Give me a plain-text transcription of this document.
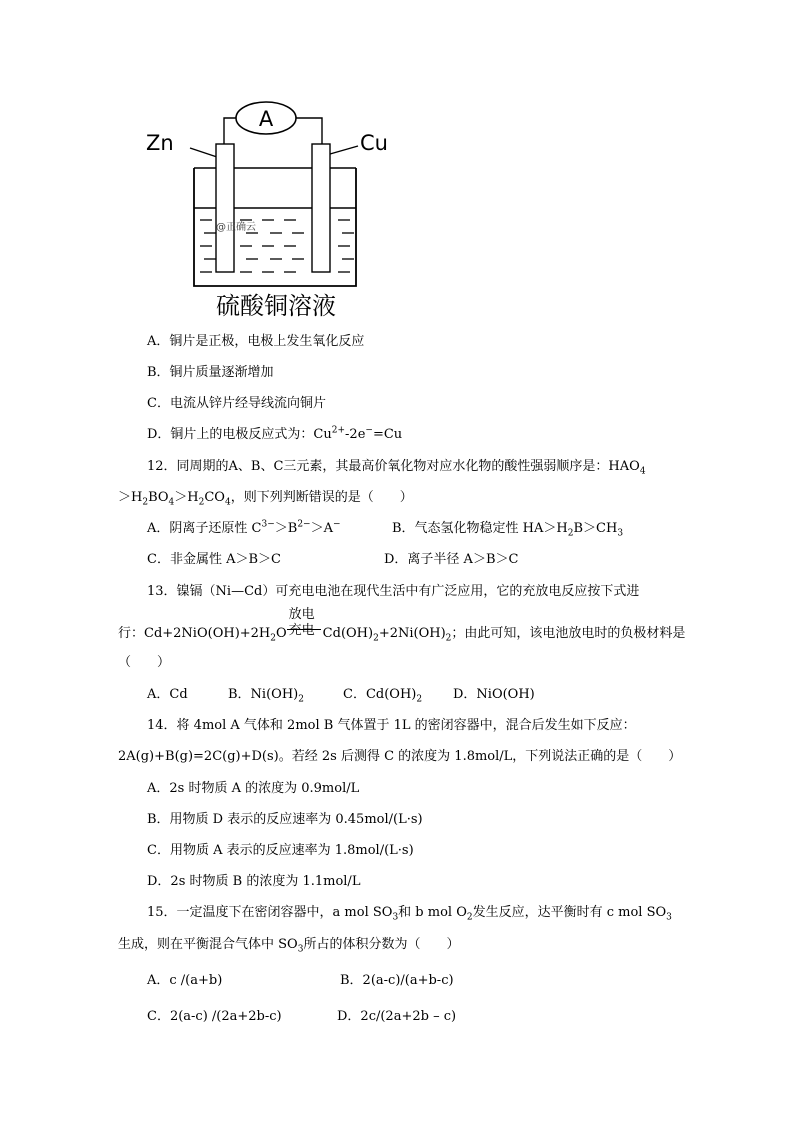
A
Zn	Cu
@正确云
硫酸铜溶液
A．铜片是正极，电极上发生氧化反应
B．铜片质量逐渐增加
C．电流从锌片经导线流向铜片
D．铜片上的电极反应式为：$Cu^{2+}-2e^-=Cu$
12．同周期的A、B、C三元素，其最高价氧化物对应水化物的酸性强弱顺序是：$HAO_4$
$>H_2BO_4>H_2CO_4$，则下列判断错误的是（　　）
A．阴离子还原性 $C^{3-}>B^{2-}>A^-$	B．气态氢化物稳定性 $HA>H_2B>CH_3$
C．非金属性 A＞B＞C	D．离子半径 A＞B＞C
13．镍镉（Ni—Cd）可充电电池在现代生活中有广泛应用，它的充放电反应按下式进
行：$Cd+2NiO(OH)+2H_2O \frac{\text{放电}}{\text{充电}} Cd(OH)_2+2Ni(OH)_2$；由此可知，该电池放电时的负极材料是
（　　）
A．Cd	B．$Ni(OH)_2$	C．$Cd(OH)_2$ D．NiO(OH)
14．将 4mol A 气体和 2mol B 气体置于 1L 的密闭容器中，混合后发生如下反应：
2A(g)+B(g)=2C(g)+D(s)。若经 2s 后测得 C 的浓度为 1.8mol/L，下列说法正确的是（　　）
A．2s 时物质 A 的浓度为 0.9mol/L
B．用物质 D 表示的反应速率为 0.45mol/(L·s)
C．用物质 A 表示的反应速率为 1.8mol/(L·s)
D．2s 时物质 B 的浓度为 1.1mol/L
15．一定温度下在密闭容器中，a mol $SO_3$和 b mol $O_2$发生反应，达平衡时有 c mol $SO_3$
生成，则在平衡混合气体中 $SO_3$所占的体积分数为（　　）
A．c /(a+b)	B．2(a-c)/(a+b-c)
C．2(a-c) /(2a+2b-c)	D．2c/(2a+2b – c)
